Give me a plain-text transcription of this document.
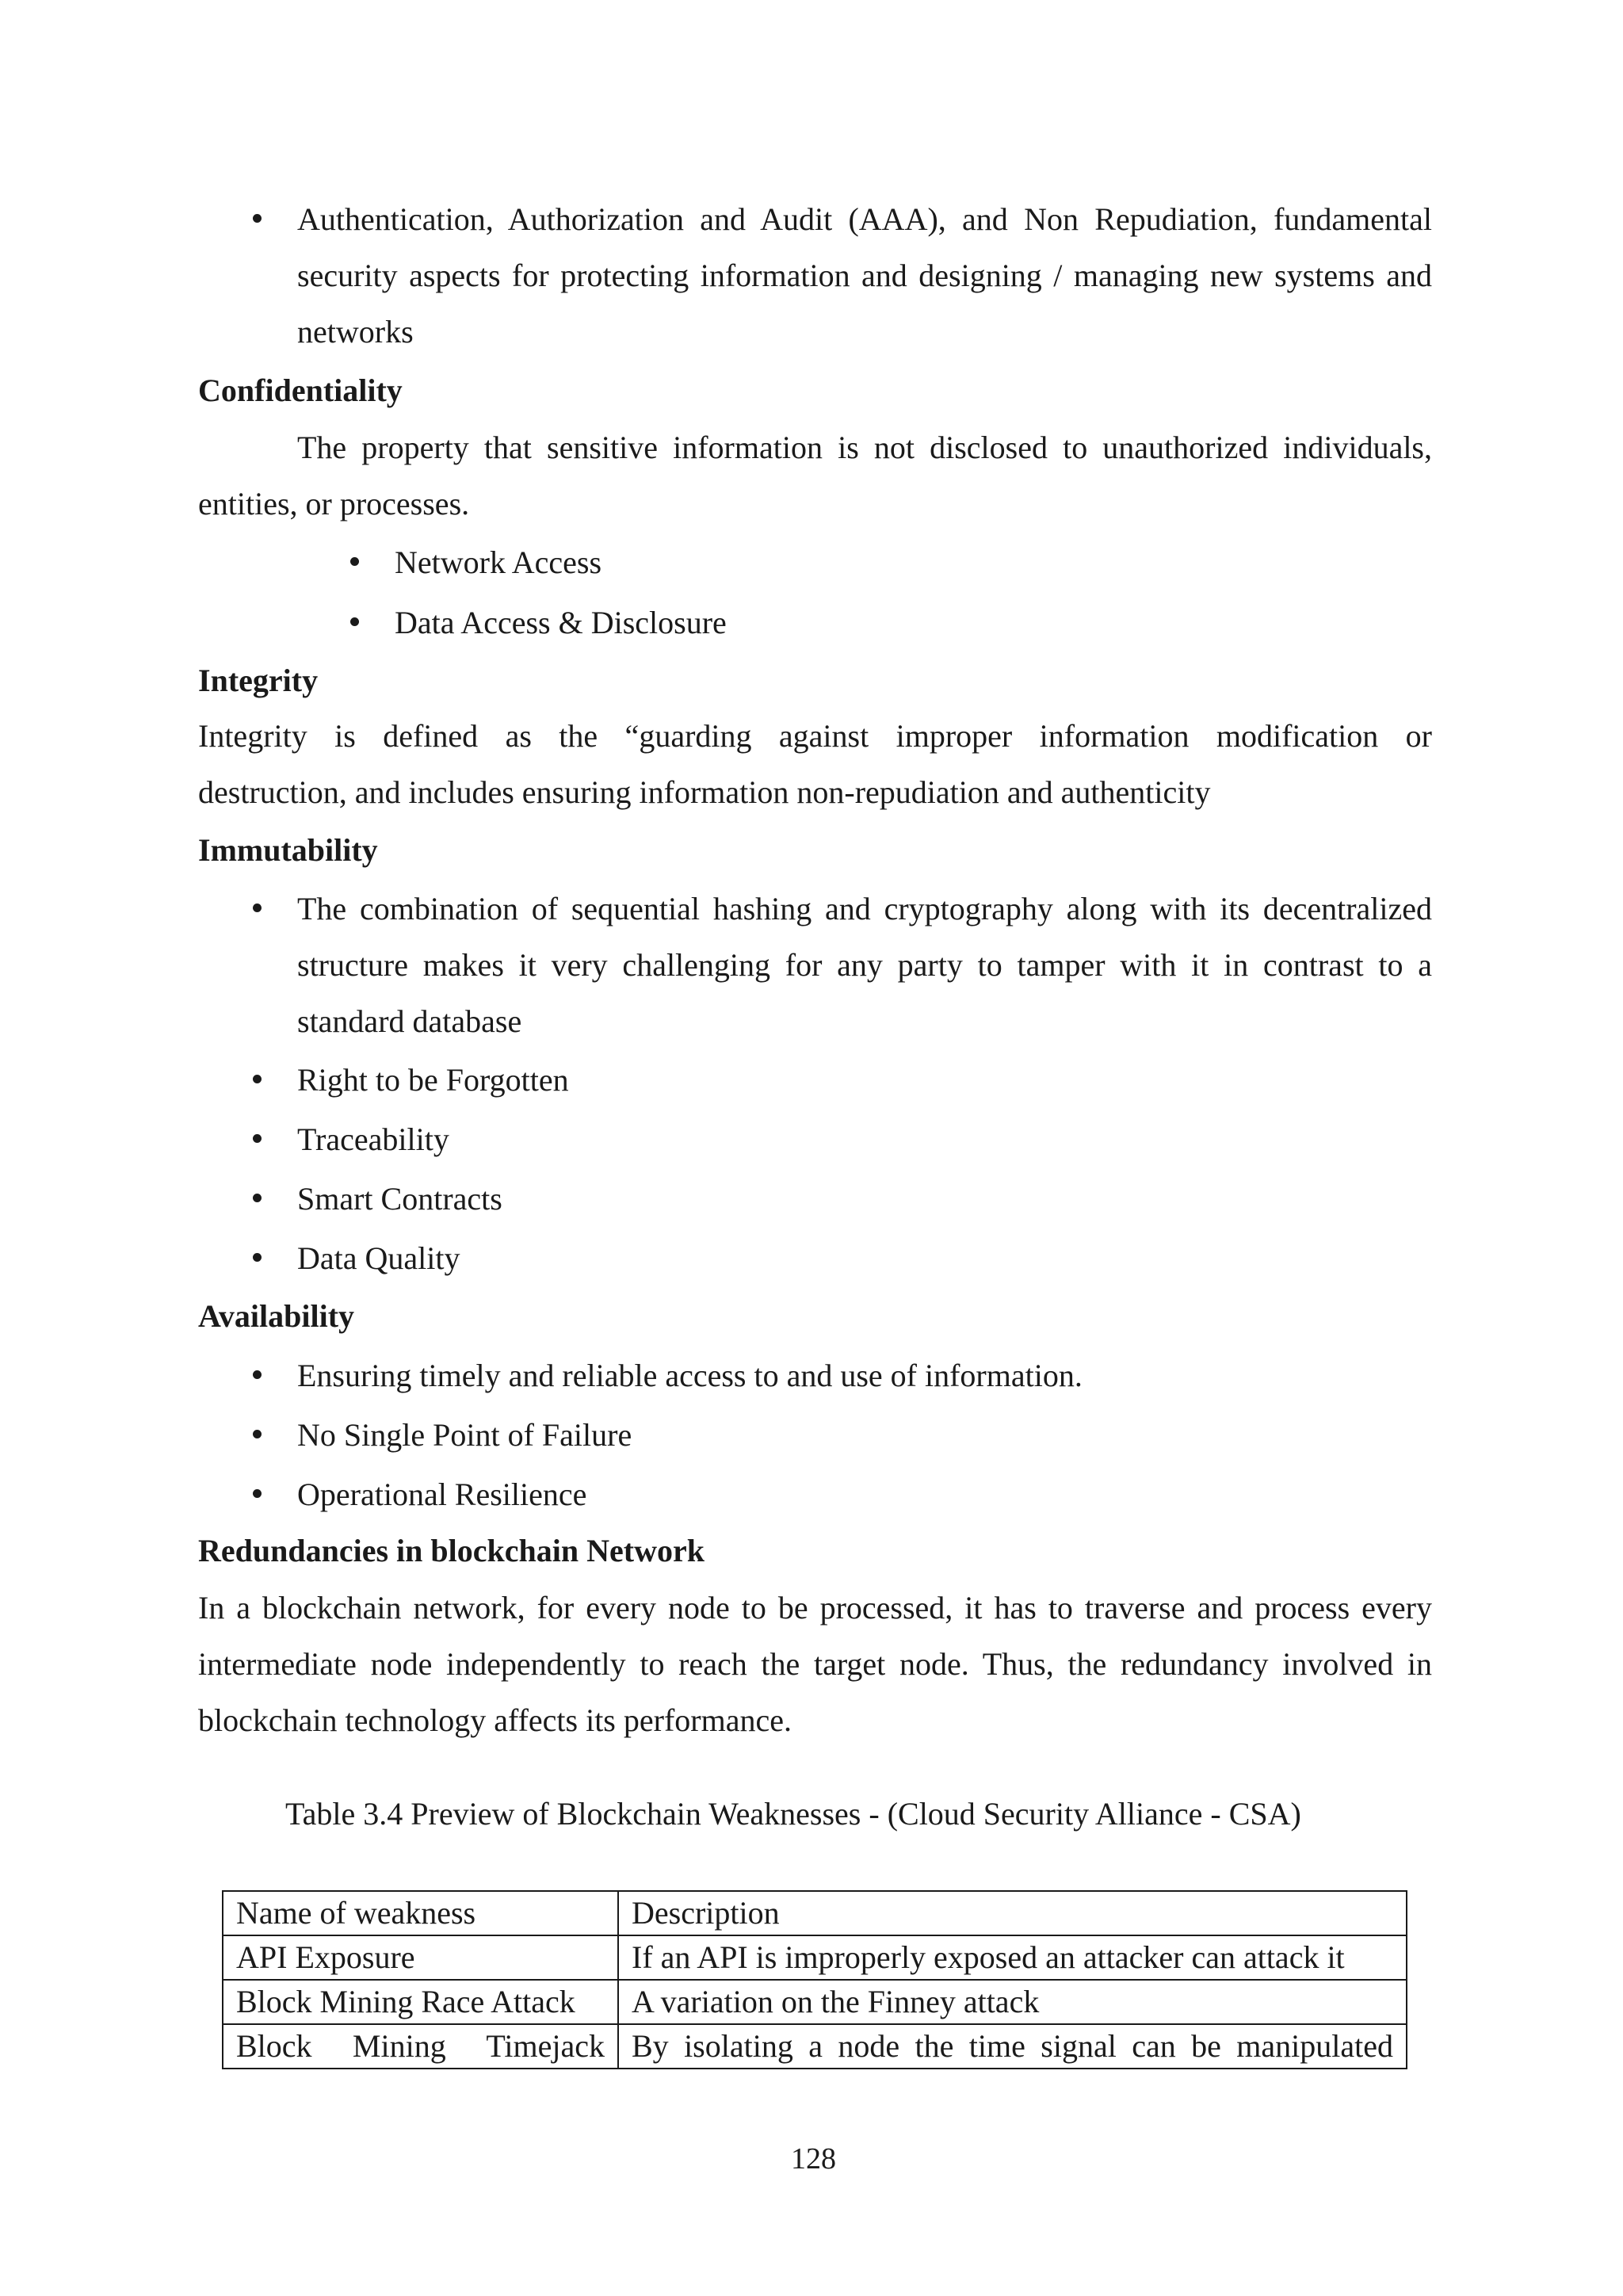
Authentication, Authorization and Audit (AAA), and Non Repudiation, fundamental
security aspects for protecting information and designing / managing new systems and
networks
Confidentiality
The property that sensitive information is not disclosed to unauthorized individuals,
entities, or processes.
Network Access
Data Access & Disclosure
Integrity
Integrity is defined as the “guarding against improper information modification or
destruction, and includes ensuring information non-repudiation and authenticity
Immutability
The combination of sequential hashing and cryptography along with its decentralized
structure makes it very challenging for any party to tamper with it in contrast to a
standard database
Right to be Forgotten
Traceability
Smart Contracts
Data Quality
Availability
Ensuring timely and reliable access to and use of information.
No Single Point of Failure
Operational Resilience
Redundancies in blockchain Network
In a blockchain network, for every node to be processed, it has to traverse and process every
intermediate node independently to reach the target node. Thus, the redundancy involved in
blockchain technology affects its performance.
Table 3.4 Preview of Blockchain Weaknesses - (Cloud Security Alliance - CSA)
Name of weakness	Description
API Exposure	If an API is improperly exposed an attacker can attack it
Block Mining Race Attack	A variation on the Finney attack
Block Mining Timejack	By isolating a node the time signal can be manipulated
128
